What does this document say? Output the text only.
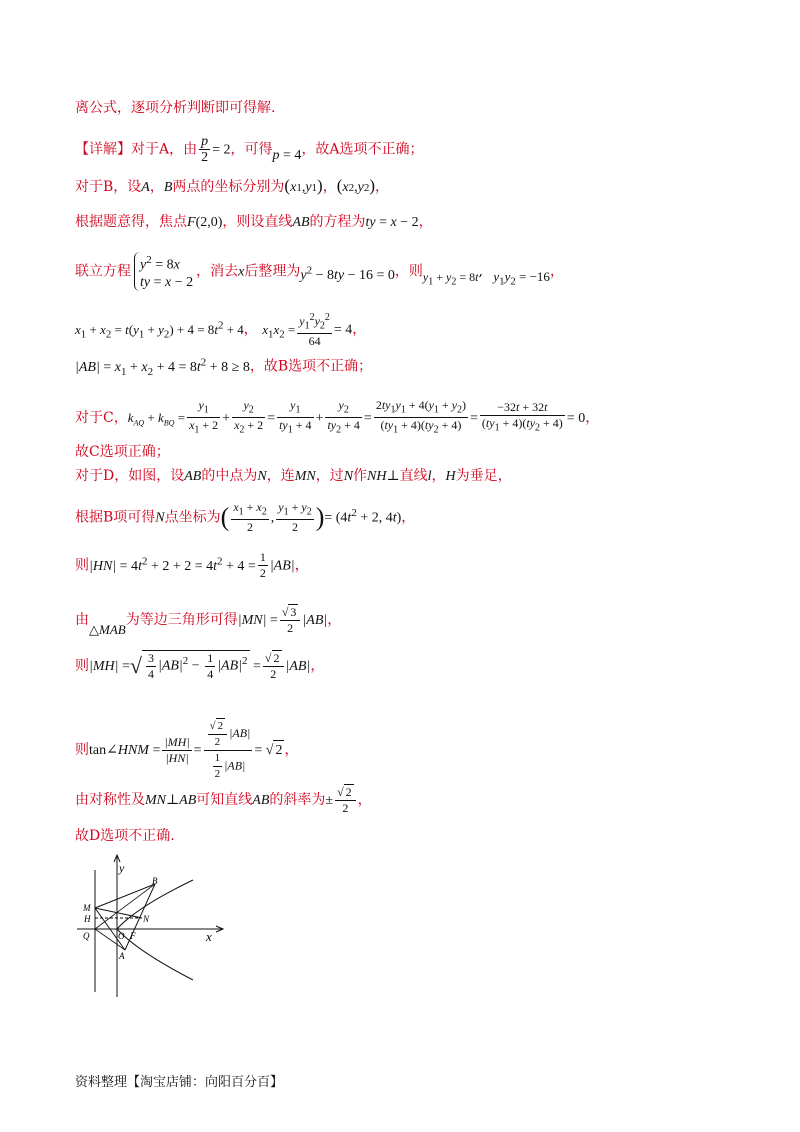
离公式，逐项分析判断即可得解.
【详解】对于A，由 $\frac{p}{2} = 2$，可得p = 4，故A选项不正确；
对于B，设A，B两点的坐标分别为(x1,y1)，(x2,y2)，
根据题意得，焦点F(2,0)，则设直线AB的方程为ty = x − 2，
联立方程 $y^2 = 8x$
ty = x − 2
，消去x后整理为$y^2 - 8ty - 16 = 0$，则$y_1 + y_2 = 8t$, $y_1y_2 = -16$，
$x_1 + x_2 = t(y_1 + y_2) + 4 = 8t^2 + 4$， $x_1x_2 = \frac{y_1^2y_2^2}{64} = 4$，
$|AB| = x_1 + x_2 + 4 = 8t^2 + 8 \ge 8$，故B选项不正确；
对于C，$k_{AQ} + k_{BQ} = \frac{y_1}{x_1 + 2} + \frac{y_2}{x_2 + 2} = \frac{y_1}{ty_1 + 4} + \frac{y_2}{ty_2 + 4} = \frac{2ty_1y_1 + 4(y_1 + y_2)}{(ty_1 + 4)(ty_2 + 4)} = \frac{-32t + 32t}{(ty_1 + 4)(ty_2 + 4)} = 0$，
故C选项正确；
对于D，如图，设AB的中点为N，连MN，过N作NH⊥直线l，H为垂足，
根据B项可得N点坐标为( $\frac{x_1 + x_2}{2}$ , $\frac{y_1 + y_2}{2}$ )= ($4t^2 + 2$, 4t)，
则$|HN| = 4t^2 + 2 + 2 = 4t^2 + 4 = \frac{1}{2} |AB|$，
由△MAB为等边三角形可得$|MN| = \frac{√ 3}{2} |AB|$，
则|MH| =√ $\frac{3}{4} |AB|^2 - \frac{1}{4} |AB|^2 = \frac{√ 2}{2} |AB|$，
则tan∠HNM = $\frac{|MH|}{|HN|} = \frac{\frac{√ 2}{2} |AB|}{\frac{1}{2} |AB|}$ = √ 2 ，
由对称性及MN⊥AB可知直线AB的斜率为± $\frac{√ 2}{2}$ ，
故D选项不正确.
y
B
M
H	N
Q	O F
A
x
资料整理【淘宝店铺：向阳百分百】
